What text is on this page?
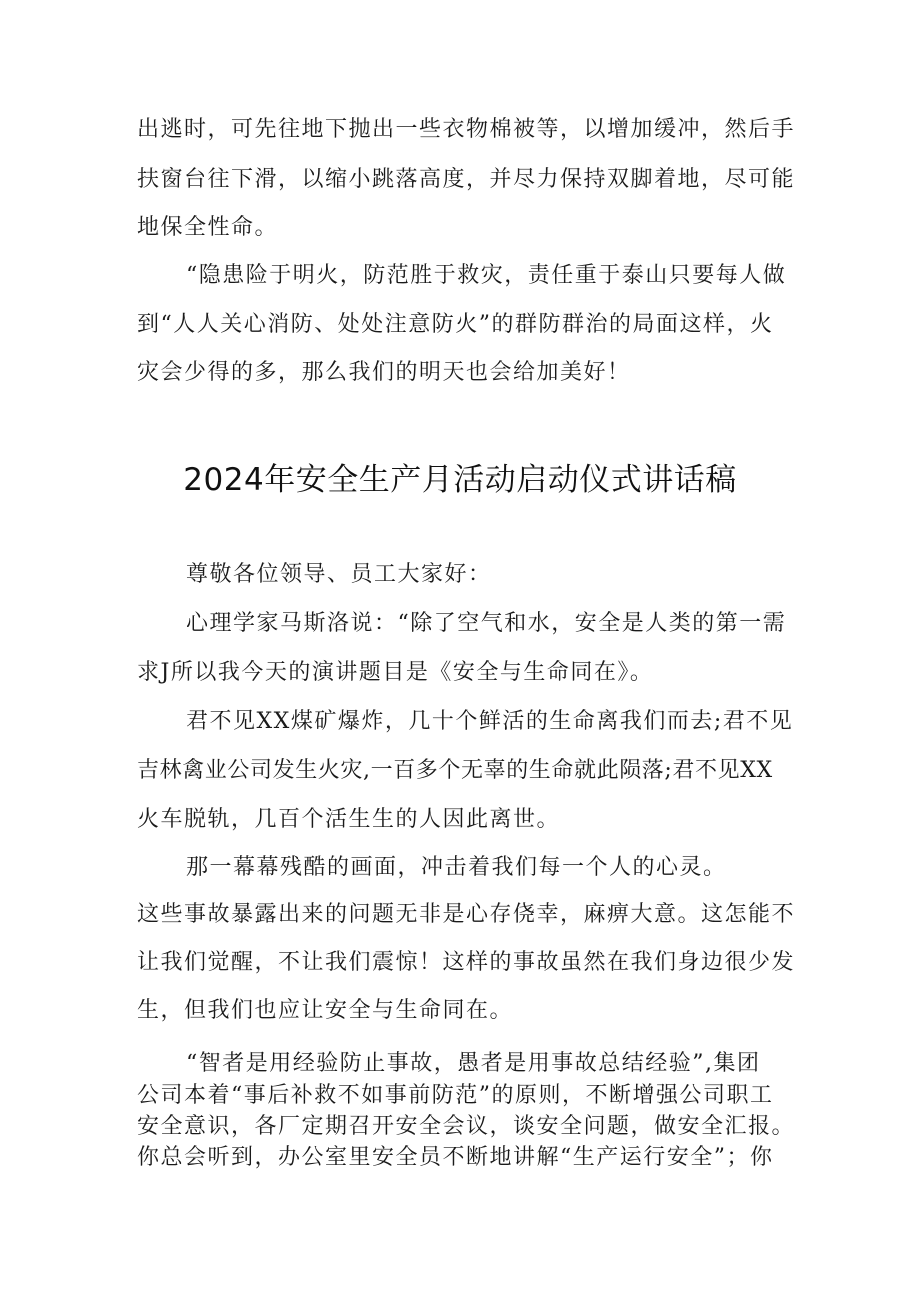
出逃时，可先往地下抛出一些衣物棉被等，以增加缓冲，然后手
扶窗台往下滑，以缩小跳落高度，并尽力保持双脚着地，尽可能
地保全性命。
“隐患险于明火，防范胜于救灾，责任重于泰山只要每人做
到“人人关心消防、处处注意防火”的群防群治的局面这样，火
灾会少得的多，那么我们的明天也会给加美好！
2024年安全生产月活动启动仪式讲话稿
尊敬各位领导、员工大家好：
心理学家马斯洛说：“除了空气和水，安全是人类的第一需
求J所以我今天的演讲题目是《安全与生命同在》。
君不见XX煤矿爆炸，几十个鲜活的生命离我们而去;君不见
吉林禽业公司发生火灾,一百多个无辜的生命就此陨落;君不见XX
火车脱轨，几百个活生生的人因此离世。
那一幕幕残酷的画面，冲击着我们每一个人的心灵。
这些事故暴露出来的问题无非是心存侥幸，麻痹大意。这怎能不
让我们觉醒，不让我们震惊！这样的事故虽然在我们身边很少发
生，但我们也应让安全与生命同在。
“智者是用经验防止事故，愚者是用事故总结经验”,集团
公司本着“事后补救不如事前防范”的原则，不断增强公司职工
安全意识，各厂定期召开安全会议，谈安全问题，做安全汇报。
你总会听到，办公室里安全员不断地讲解“生产运行安全”；你
